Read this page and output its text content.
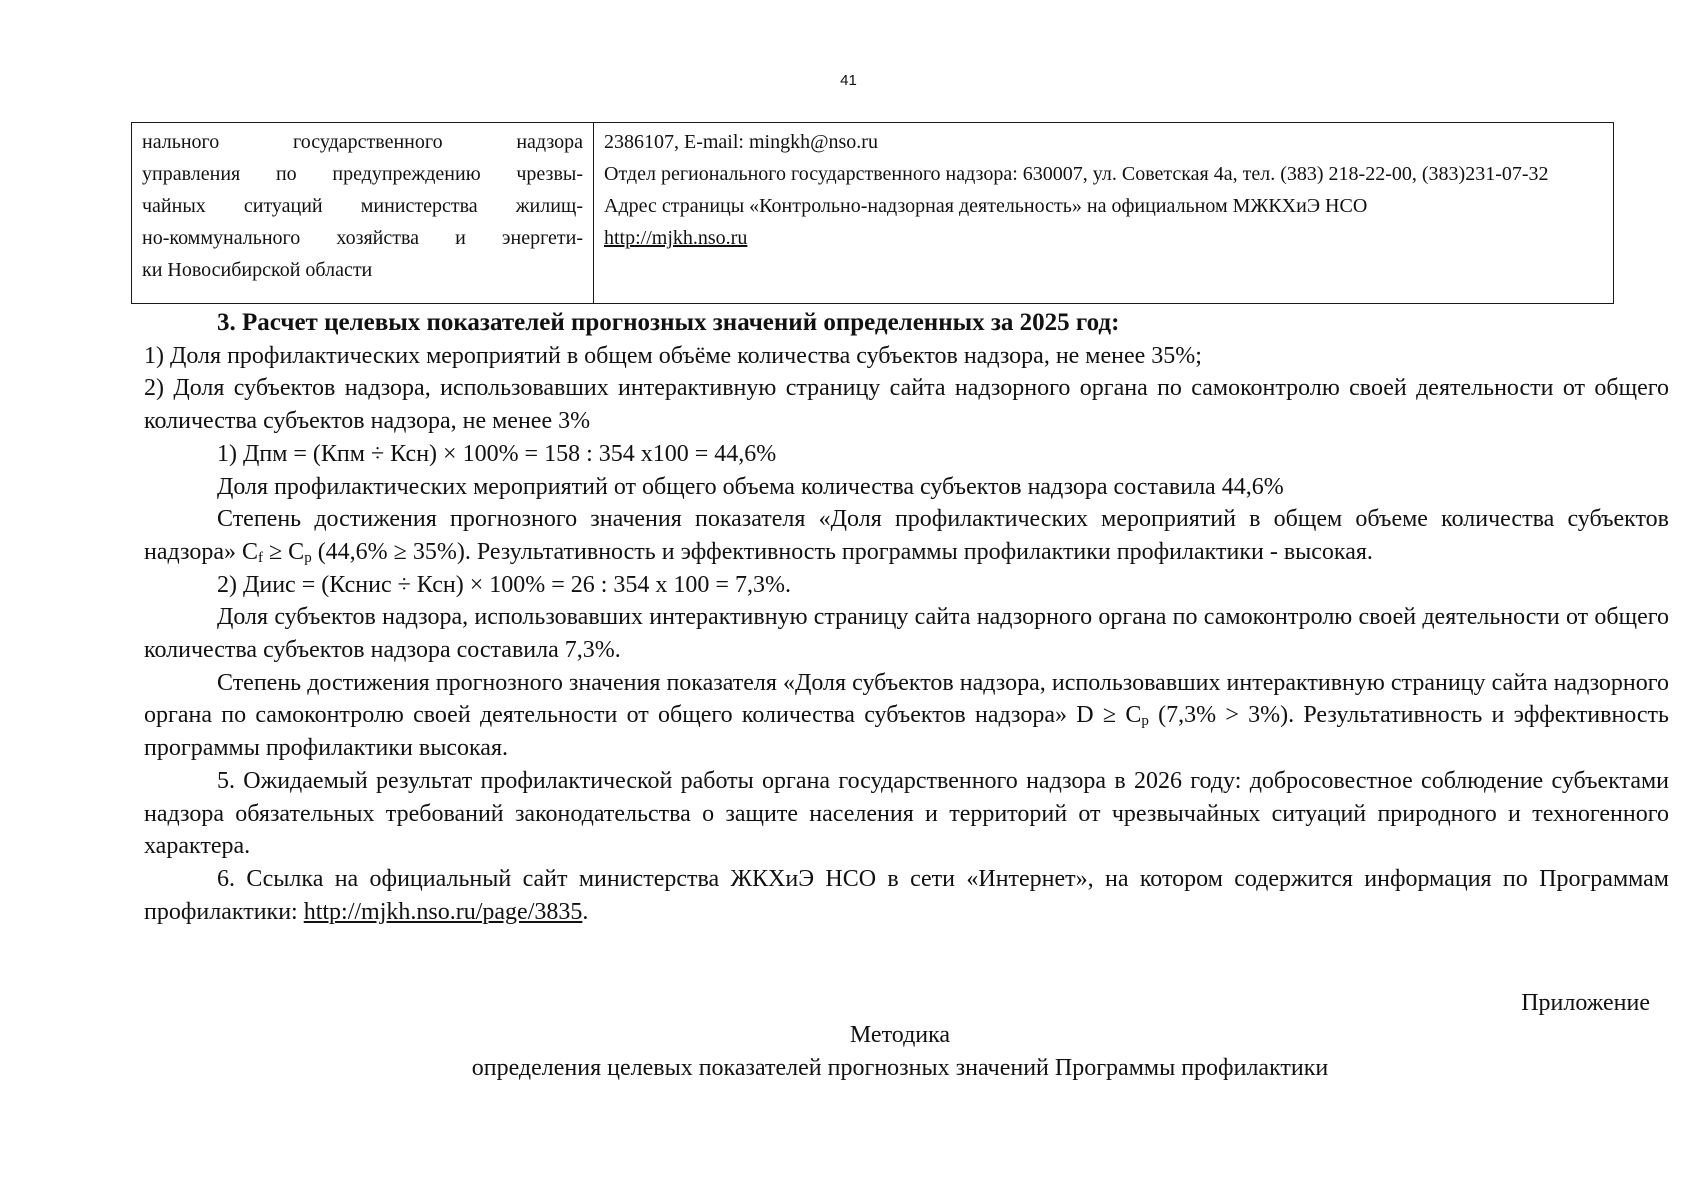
41
нального государственного надзора
управления по предупреждению чрезвы-
чайных ситуаций министерства жилищ-
но-коммунального хозяйства и энергети-
ки Новосибирской области
2386107, E-mail: mingkh@nso.ru
Отдел регионального государственного надзора: 630007, ул. Советская 4а, тел. (383) 218-22-00, (383)231-07-32
Адрес страницы «Контрольно-надзорная деятельность» на официальном МЖКХиЭ НСО
http://mjkh.nso.ru

3. Расчет целевых показателей прогнозных значений определенных за 2025 год:

1) Доля профилактических мероприятий в общем объёме количества субъектов надзора, не менее 35%;

2) Доля субъектов надзора, использовавших интерактивную страницу сайта надзорного органа по самоконтролю своей деятельности от общего количества субъектов надзора, не менее 3%

1) Дпм = (Кпм ÷ Ксн) × 100% = 158 : 354 х100 = 44,6%

Доля профилактических мероприятий от общего объема количества субъектов надзора составила 44,6%

Степень достижения прогнозного значения показателя «Доля профилактических мероприятий в общем объеме количества субъектов надзора» $C_f \ge C_p$ (44,6% ≥ 35%). Результативность и эффективность программы профилактики профилактики - высокая.

2) Диис = (Кснис ÷ Ксн) × 100% = 26 : 354 х 100 = 7,3%.

Доля субъектов надзора, использовавших интерактивную страницу сайта надзорного органа по самоконтролю своей деятельности от общего количества субъектов надзора составила 7,3%.

Степень достижения прогнозного значения показателя «Доля субъектов надзора, использовавших интерактивную страницу сайта надзорного органа по самоконтролю своей деятельности от общего количества субъектов надзора» $D \ge C_p$ (7,3% > 3%). Результативность и эффективность программы профилактики высокая.

5. Ожидаемый результат профилактической работы органа государственного надзора в 2026 году: добросовестное соблюдение субъектами надзора обязательных требований законодательства о защите населения и территорий от чрезвычайных ситуаций природного и техногенного характера.

6. Ссылка на официальный сайт министерства ЖКХиЭ НСО в сети «Интернет», на котором содержится информация по Программам профилактики: http://mjkh.nso.ru/page/3835.

Приложение
Методика
определения целевых показателей прогнозных значений Программы профилактики
